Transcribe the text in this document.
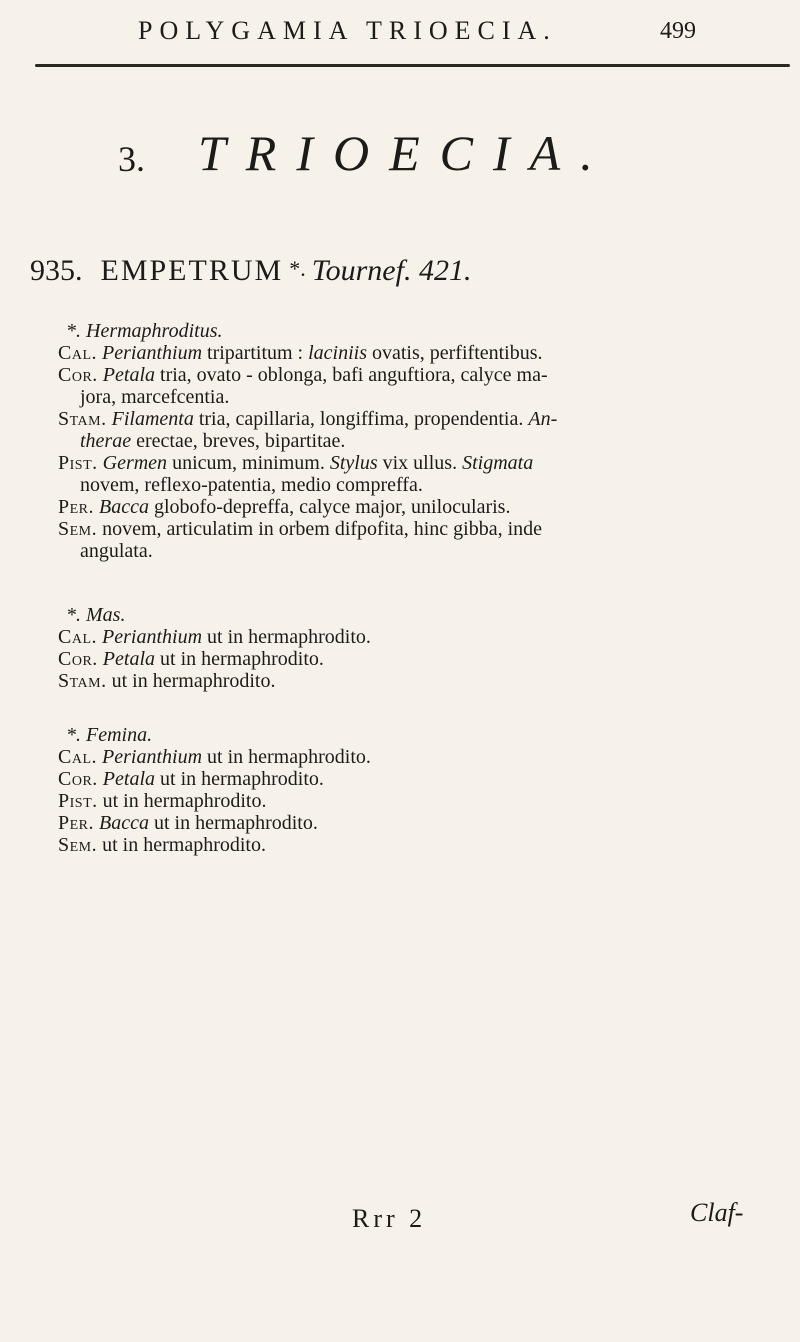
POLYGAMIA TRIOECIA.	499
3. TRIOECIA.
935. EMPETRUM *. Tournef. 421.
*. Hermaphroditus.
Cal. Perianthium tripartitum : laciniis ovatis, perfiftentibus.
Cor. Petala tria, ovato - oblonga, bafi anguftiora, calyce ma-
jora, marcefcentia.
Stam. Filamenta tria, capillaria, longiffima, propendentia. An-
therae erectae, breves, bipartitae.
Pist. Germen unicum, minimum. Stylus vix ullus. Stigmata
novem, reflexo-patentia, medio compreffa.
Per. Bacca globofo-depreffa, calyce major, unilocularis.
Sem. novem, articulatim in orbem difpofita, hinc gibba, inde
angulata.
*. Mas.
Cal. Perianthium ut in hermaphrodito.
Cor. Petala ut in hermaphrodito.
Stam. ut in hermaphrodito.
*. Femina.
Cal. Perianthium ut in hermaphrodito.
Cor. Petala ut in hermaphrodito.
Pist. ut in hermaphrodito.
Per. Bacca ut in hermaphrodito.
Sem. ut in hermaphrodito.
Rrr 2	Claf-
